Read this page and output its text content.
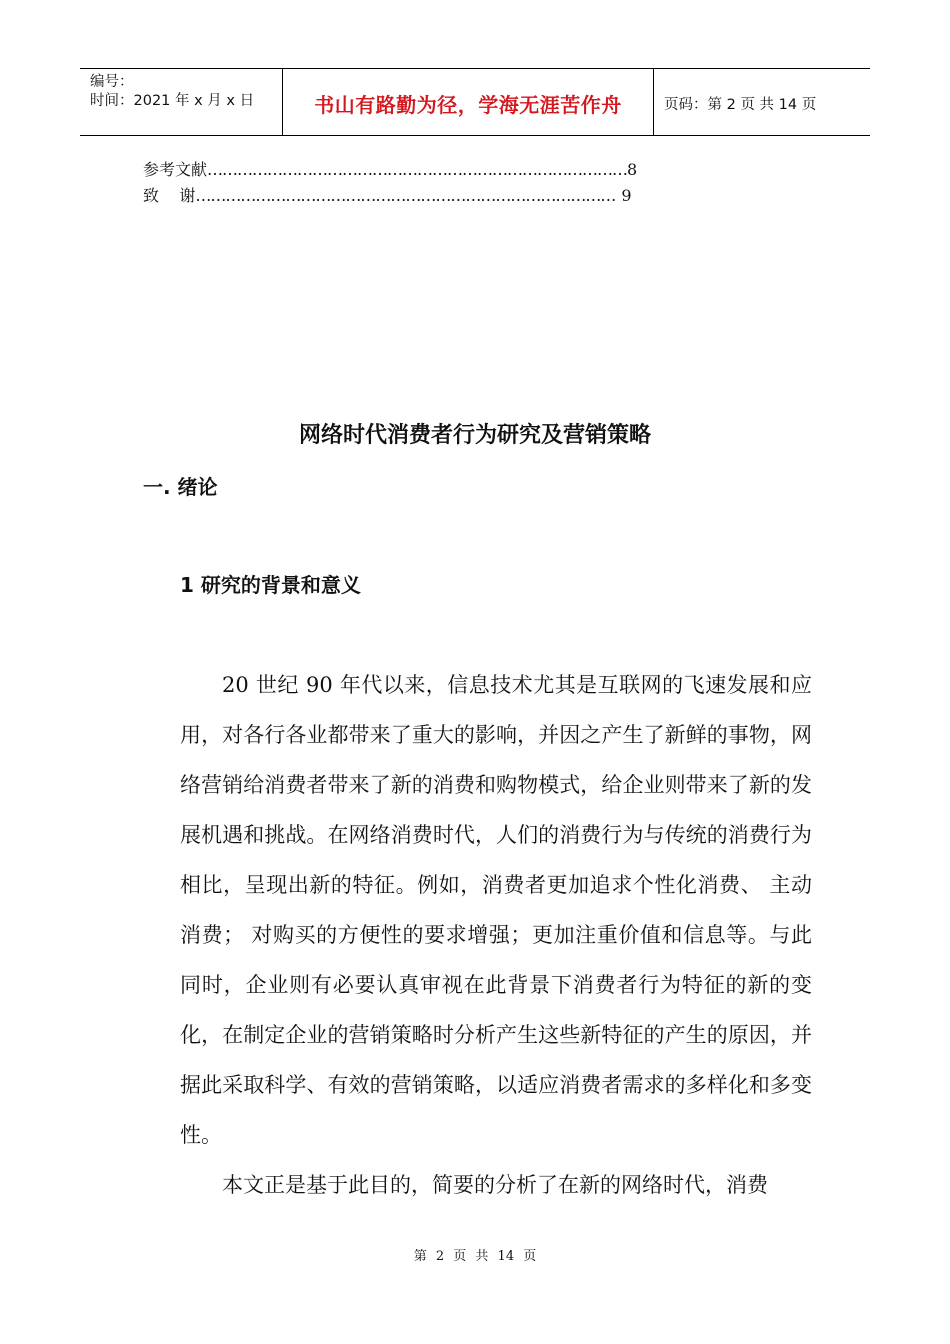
编号：
时间：2021 年 x 月 x 日	书山有路勤为径，学海无涯苦作舟	页码：第 2 页 共 14 页
参考文献…………………………………………………………………………8
致    谢………………………………………………………………………… 9
网络时代消费者行为研究及营销策略
一. 绪论
1 研究的背景和意义
20 世纪 90 年代以来，信息技术尤其是互联网的飞速发展和应用，对各行各业都带来了重大的影响，并因之产生了新鲜的事物，网络营销给消费者带来了新的消费和购物模式，给企业则带来了新的发展机遇和挑战。在网络消费时代，人们的消费行为与传统的消费行为相比，呈现出新的特征。例如，消费者更加追求个性化消费、 主动消费； 对购买的方便性的要求增强；更加注重价值和信息等。与此同时，企业则有必要认真审视在此背景下消费者行为特征的新的变化，在制定企业的营销策略时分析产生这些新特征的产生的原因，并据此采取科学、有效的营销策略，以适应消费者需求的多样化和多变性。
本文正是基于此目的，简要的分析了在新的网络时代，消费
第 2 页 共 14 页
